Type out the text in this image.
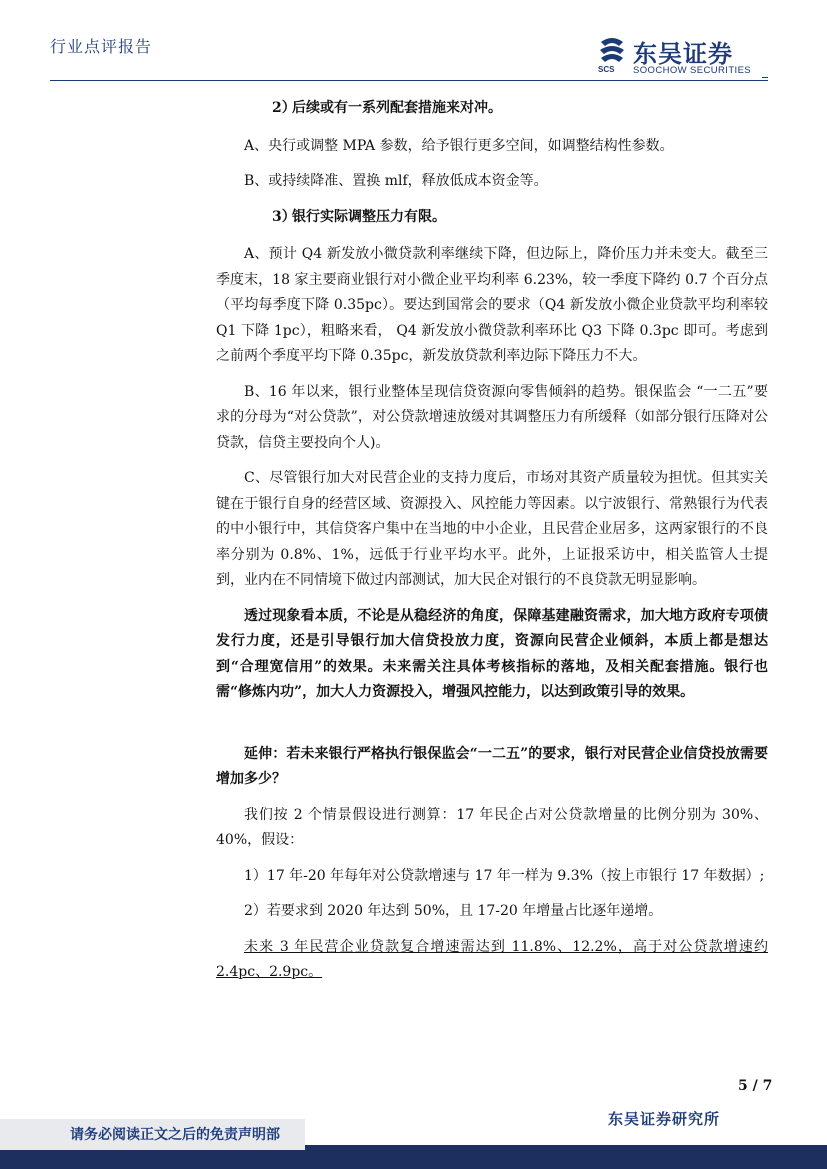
行业点评报告
SCS
东吴证券
SOOCHOW SECURITIES

2）后续或有一系列配套措施来对冲。

A、央行或调整 MPA 参数，给予银行更多空间，如调整结构性参数。

B、或持续降准、置换 mlf，释放低成本资金等。

3）银行实际调整压力有限。

A、预计 Q4 新发放小微贷款利率继续下降，但边际上，降价压力并未变大。截至三季度末，18 家主要商业银行对小微企业平均利率 6.23%，较一季度下降约 0.7 个百分点（平均每季度下降 0.35pc）。要达到国常会的要求（Q4 新发放小微企业贷款平均利率较 Q1 下降 1pc），粗略来看， Q4 新发放小微贷款利率环比 Q3 下降 0.3pc 即可。考虑到之前两个季度平均下降 0.35pc，新发放贷款利率边际下降压力不大。

B、16 年以来，银行业整体呈现信贷资源向零售倾斜的趋势。银保监会 “一二五”要求的分母为“对公贷款”，对公贷款增速放缓对其调整压力有所缓释（如部分银行压降对公贷款，信贷主要投向个人)。

C、尽管银行加大对民营企业的支持力度后，市场对其资产质量较为担忧。但其实关键在于银行自身的经营区域、资源投入、风控能力等因素。以宁波银行、常熟银行为代表的中小银行中，其信贷客户集中在当地的中小企业，且民营企业居多，这两家银行的不良率分别为 0.8%、1%，远低于行业平均水平。此外，上证报采访中，相关监管人士提到，业内在不同情境下做过内部测试，加大民企对银行的不良贷款无明显影响。

透过现象看本质，不论是从稳经济的角度，保障基建融资需求，加大地方政府专项债发行力度，还是引导银行加大信贷投放力度，资源向民营企业倾斜，本质上都是想达到“合理宽信用”的效果。未来需关注具体考核指标的落地，及相关配套措施。银行也需“修炼内功”，加大人力资源投入，增强风控能力，以达到政策引导的效果。

延伸：若未来银行严格执行银保监会“一二五”的要求，银行对民营企业信贷投放需要增加多少？

我们按 2 个情景假设进行测算：17 年民企占对公贷款增量的比例分别为 30%、40%，假设：

1）17 年-20 年每年对公贷款增速与 17 年一样为 9.3%（按上市银行 17 年数据）;

2）若要求到 2020 年达到 50%，且 17-20 年增量占比逐年递增。

未来 3 年民营企业贷款复合增速需达到 11.8%、12.2%，高于对公贷款增速约 2.4pc、2.9pc。

5 / 7
东吴证券研究所
请务必阅读正文之后的免责声明部
